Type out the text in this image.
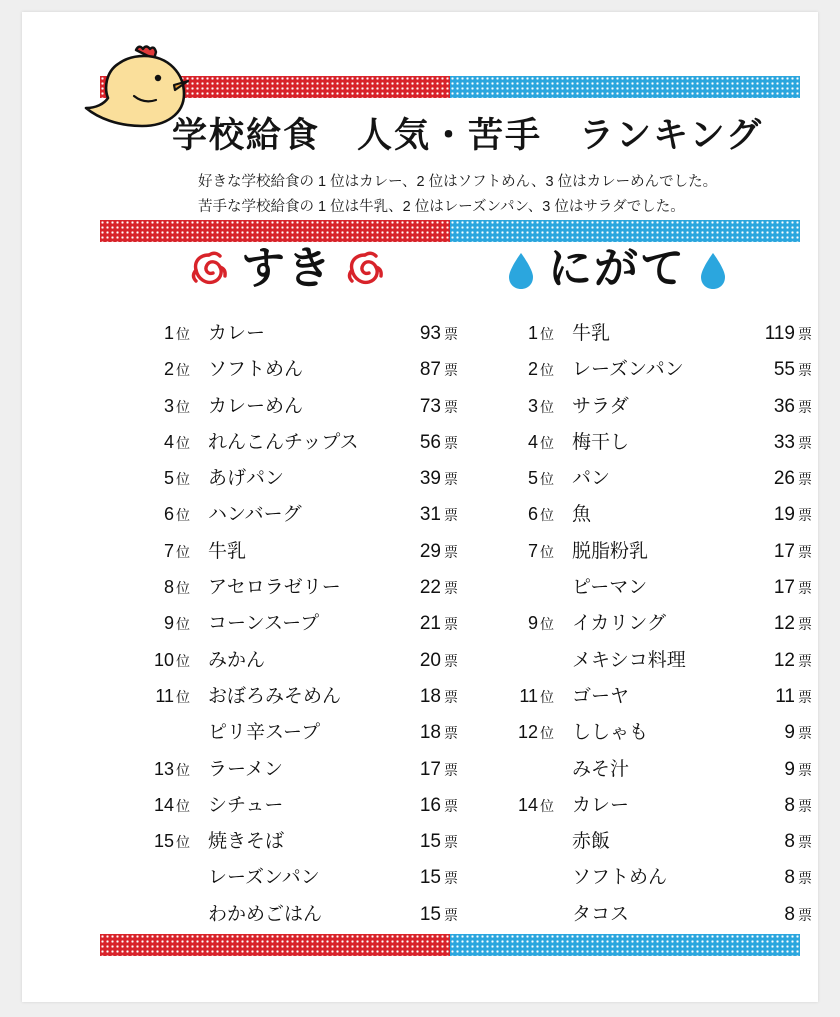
学校給食　人気・苦手　ランキング
好きな学校給食の 1 位はカレー、2 位はソフトめん、3 位はカレーめんでした。
苦手な学校給食の 1 位は牛乳、2 位はレーズンパン、3 位はサラダでした。
すき	にがて
1 位 カレー	93 票
2 位 ソフトめん	87 票
3 位 カレーめん	73 票
4 位 れんこんチップス	56 票
5 位 あげパン	39 票
6 位 ハンバーグ	31 票
7 位 牛乳	29 票
8 位 アセロラゼリー	22 票
9 位 コーンスープ	21 票
10 位 みかん	20 票
11 位 おぼろみそめん	18 票
ピリ辛スープ	18 票
13 位 ラーメン	17 票
14 位 シチュー	16 票
15 位 焼きそば	15 票
レーズンパン	15 票
わかめごはん	15 票
1 位 牛乳	119 票
2 位 レーズンパン	55 票
3 位 サラダ	36 票
4 位 梅干し	33 票
5 位 パン	26 票
6 位 魚	19 票
7 位 脱脂粉乳	17 票
ピーマン	17 票
9 位 イカリング	12 票
メキシコ料理	12 票
11 位 ゴーヤ	11 票
12 位 ししゃも	9 票
みそ汁	9 票
14 位 カレー	8 票
赤飯	8 票
ソフトめん	8 票
タコス	8 票
